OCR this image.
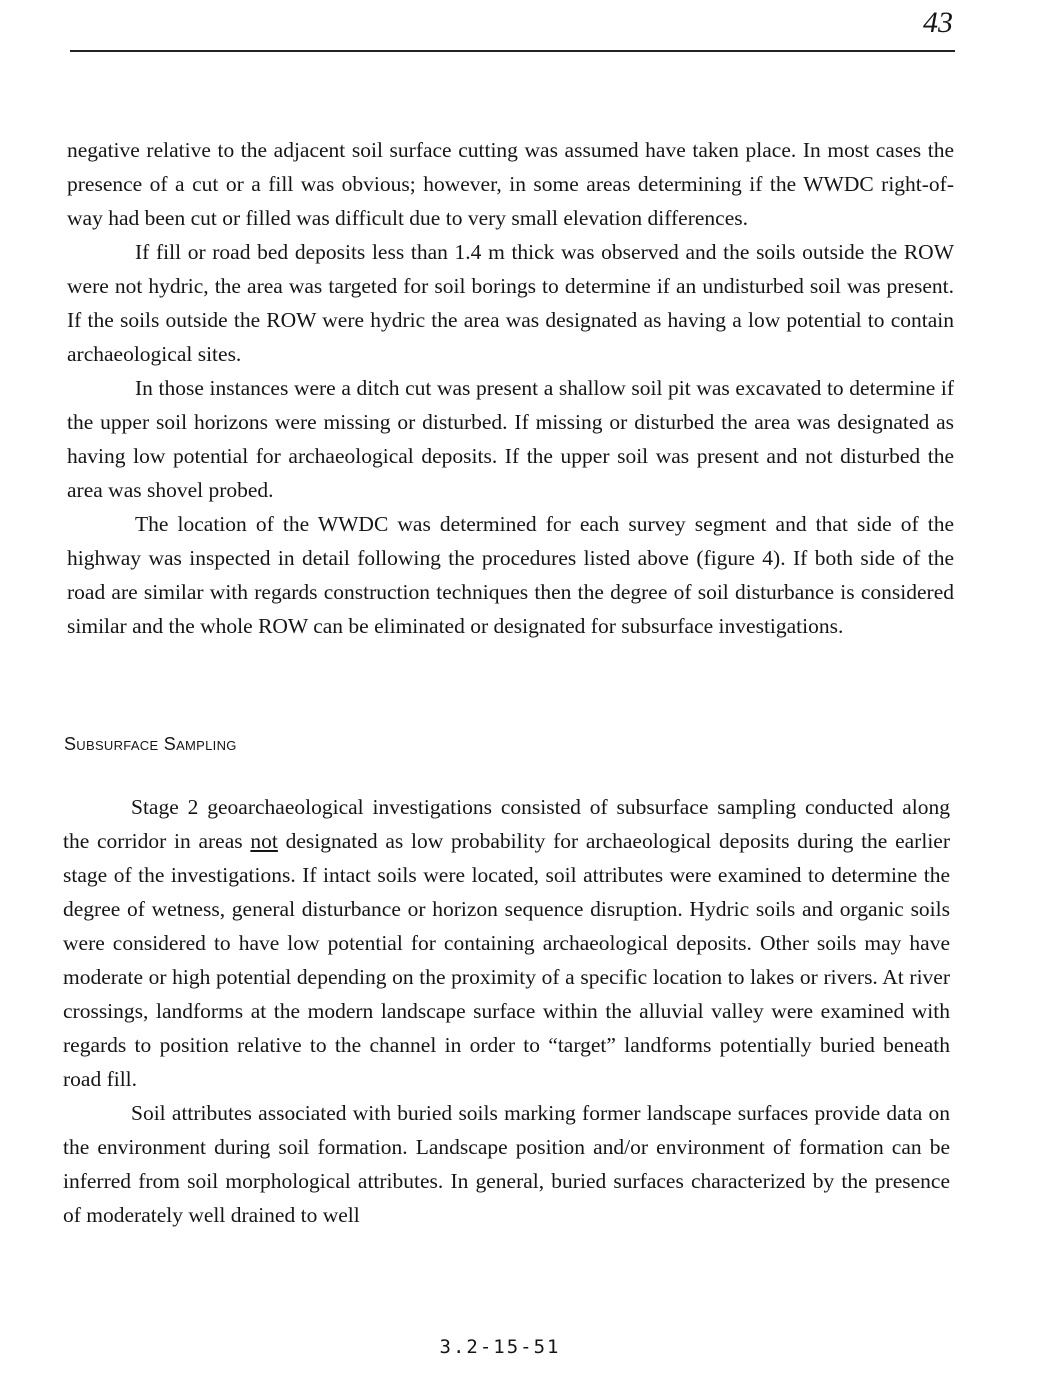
43

negative relative to the adjacent soil surface cutting was assumed have taken place. In most cases the presence of a cut or a fill was obvious; however, in some areas determining if the WWDC right-of-way had been cut or filled was difficult due to very small elevation differences.

If fill or road bed deposits less than 1.4 m thick was observed and the soils outside the ROW were not hydric, the area was targeted for soil borings to determine if an undisturbed soil was present. If the soils outside the ROW were hydric the area was designated as having a low potential to contain archaeological sites.

In those instances were a ditch cut was present a shallow soil pit was excavated to determine if the upper soil horizons were missing or disturbed. If missing or disturbed the area was designated as having low potential for archaeological deposits. If the upper soil was present and not disturbed the area was shovel probed.

The location of the WWDC was determined for each survey segment and that side of the highway was inspected in detail following the procedures listed above (figure 4). If both side of the road are similar with regards construction techniques then the degree of soil disturbance is considered similar and the whole ROW can be eliminated or designated for subsurface investigations.

Subsurface Sampling

Stage 2 geoarchaeological investigations consisted of subsurface sampling conducted along the corridor in areas not designated as low probability for archaeological deposits during the earlier stage of the investigations. If intact soils were located, soil attributes were examined to determine the degree of wetness, general disturbance or horizon sequence disruption. Hydric soils and organic soils were considered to have low potential for containing archaeological deposits. Other soils may have moderate or high potential depending on the proximity of a specific location to lakes or rivers. At river crossings, landforms at the modern landscape surface within the alluvial valley were examined with regards to position relative to the channel in order to “target” landforms potentially buried beneath road fill.

Soil attributes associated with buried soils marking former landscape surfaces provide data on the environment during soil formation. Landscape position and/or environment of formation can be inferred from soil morphological attributes. In general, buried surfaces characterized by the presence of moderately well drained to well

3.2-15-51
